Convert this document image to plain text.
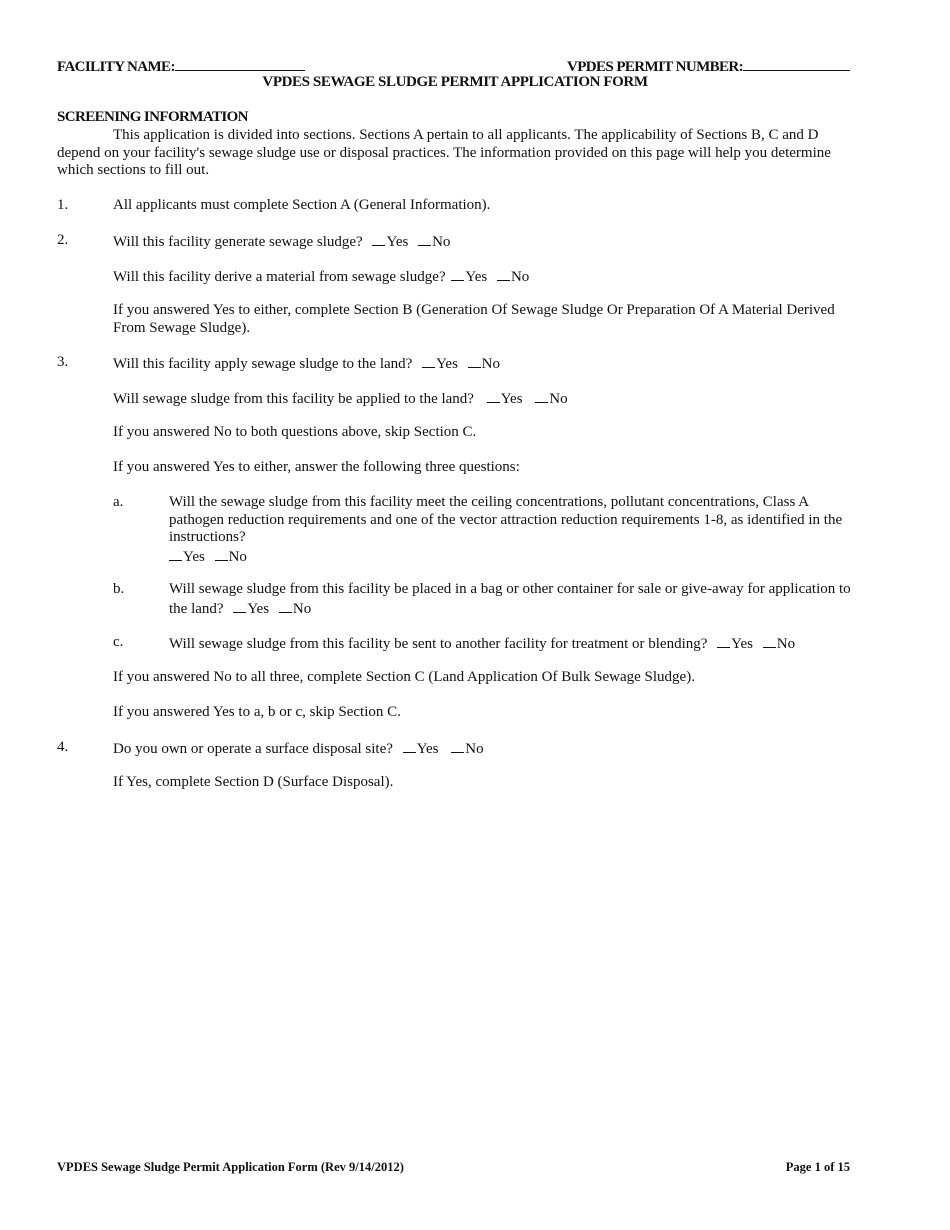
FACILITY NAME:	VPDES PERMIT NUMBER:
VPDES SEWAGE SLUDGE PERMIT APPLICATION FORM
SCREENING INFORMATION
This application is divided into sections. Sections A pertain to all applicants. The applicability of Sections B, C and D depend on your facility's sewage sludge use or disposal practices. The information provided on this page will help you determine which sections to fill out.
1.	All applicants must complete Section A (General Information).
2.	Will this facility generate sewage sludge? Yes No
Will this facility derive a material from sewage sludge? Yes No
If you answered Yes to either, complete Section B (Generation Of Sewage Sludge Or Preparation Of A Material Derived From Sewage Sludge).
3.	Will this facility apply sewage sludge to the land? Yes No
Will sewage sludge from this facility be applied to the land? Yes No
If you answered No to both questions above, skip Section C.
If you answered Yes to either, answer the following three questions:
a.	Will the sewage sludge from this facility meet the ceiling concentrations, pollutant concentrations, Class A pathogen reduction requirements and one of the vector attraction reduction requirements 1-8, as identified in the instructions?
Yes No
b.	Will sewage sludge from this facility be placed in a bag or other container for sale or give-away for application to the land? Yes No
c.	Will sewage sludge from this facility be sent to another facility for treatment or blending? Yes No
If you answered No to all three, complete Section C (Land Application Of Bulk Sewage Sludge).
If you answered Yes to a, b or c, skip Section C.
4.	Do you own or operate a surface disposal site? Yes No
If Yes, complete Section D (Surface Disposal).
VPDES Sewage Sludge Permit Application Form (Rev 9/14/2012)	Page 1 of 15
